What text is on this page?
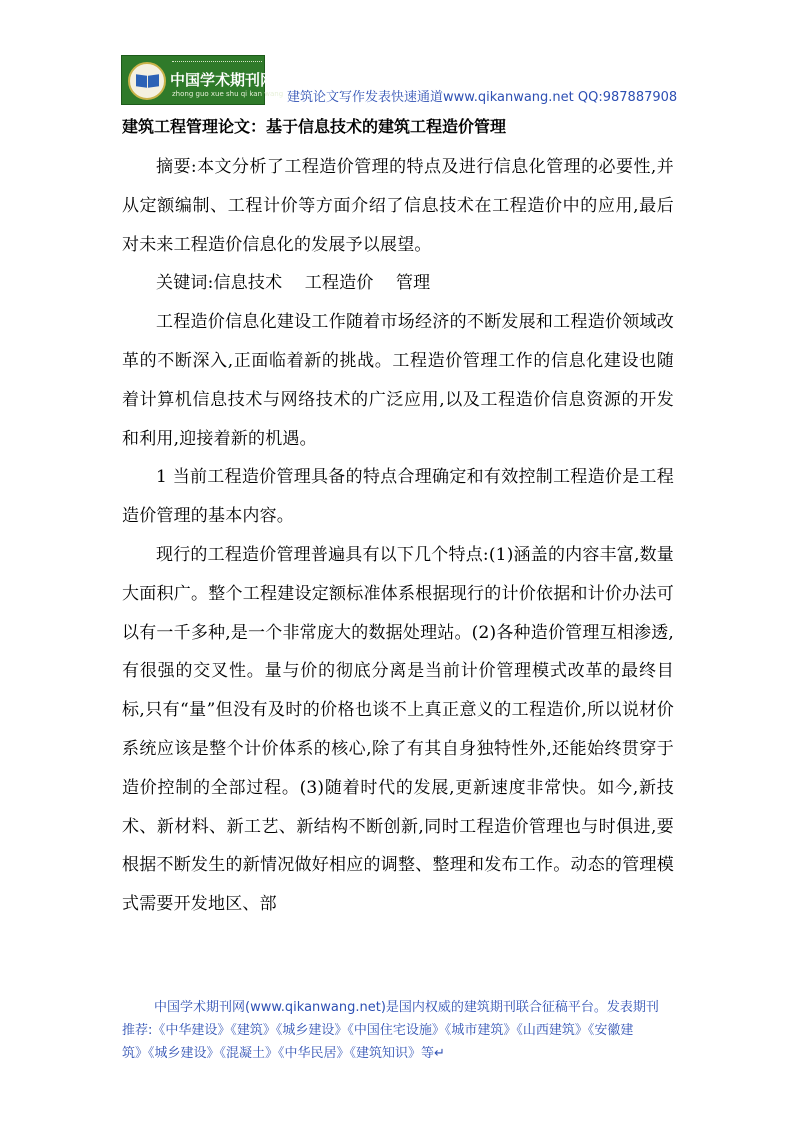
中国学术期刊网
zhong guo xue shu qi kan wang 建筑论文写作发表快速通道www.qikanwang.net QQ:987887908
建筑工程管理论文：基于信息技术的建筑工程造价管理

摘要:本文分析了工程造价管理的特点及进行信息化管理的必要性,并从定额编制、工程计价等方面介绍了信息技术在工程造价中的应用,最后对未来工程造价信息化的发展予以展望。

关键词:信息技术    工程造价    管理

工程造价信息化建设工作随着市场经济的不断发展和工程造价领域改革的不断深入,正面临着新的挑战。工程造价管理工作的信息化建设也随着计算机信息技术与网络技术的广泛应用,以及工程造价信息资源的开发和利用,迎接着新的机遇。

1 当前工程造价管理具备的特点合理确定和有效控制工程造价是工程造价管理的基本内容。

现行的工程造价管理普遍具有以下几个特点:(1)涵盖的内容丰富,数量大面积广。整个工程建设定额标准体系根据现行的计价依据和计价办法可以有一千多种,是一个非常庞大的数据处理站。(2)各种造价管理互相渗透,有很强的交叉性。量与价的彻底分离是当前计价管理模式改革的最终目标,只有“量”但没有及时的价格也谈不上真正意义的工程造价,所以说材价系统应该是整个计价体系的核心,除了有其自身独特性外,还能始终贯穿于造价控制的全部过程。(3)随着时代的发展,更新速度非常快。如今,新技术、新材料、新工艺、新结构不断创新,同时工程造价管理也与时俱进,要根据不断发生的新情况做好相应的调整、整理和发布工作。动态的管理模式需要开发地区、部

中国学术期刊网(www.qikanwang.net)是国内权威的建筑期刊联合征稿平台。发表期刊

推荐:《中华建设》《建筑》《城乡建设》《中国住宅设施》《城市建筑》《山西建筑》《安徽建

筑》《城乡建设》《混凝土》《中华民居》《建筑知识》等↵
